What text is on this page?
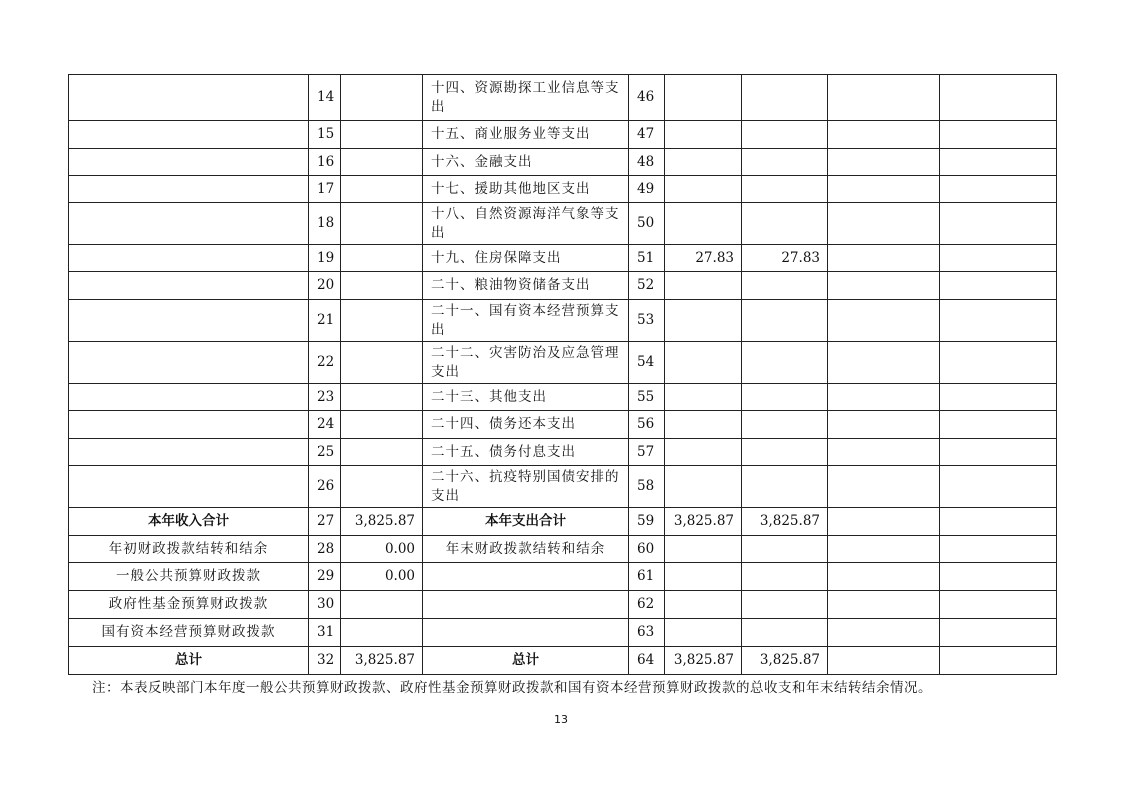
	14		十四、资源勘探工业信息等支出	46				
	15		十五、商业服务业等支出	47				
	16		十六、金融支出	48				
	17		十七、援助其他地区支出	49				
	18		十八、自然资源海洋气象等支出	50				
	19		十九、住房保障支出	51	27.83	27.83		
	20		二十、粮油物资储备支出	52				
	21		二十一、国有资本经营预算支出	53				
	22		二十二、灾害防治及应急管理支出	54				
	23		二十三、其他支出	55				
	24		二十四、债务还本支出	56				
	25		二十五、债务付息支出	57				
	26		二十六、抗疫特别国债安排的支出	58				
本年收入合计	27	3,825.87	本年支出合计	59	3,825.87	3,825.87		
年初财政拨款结转和结余	28	0.00	年末财政拨款结转和结余	60				
一般公共预算财政拨款	29	0.00		61				
政府性基金预算财政拨款	30			62				
国有资本经营预算财政拨款	31			63				
总计	32	3,825.87	总计	64	3,825.87	3,825.87		
注：本表反映部门本年度一般公共预算财政拨款、政府性基金预算财政拨款和国有资本经营预算财政拨款的总收支和年末结转结余情况。
13
